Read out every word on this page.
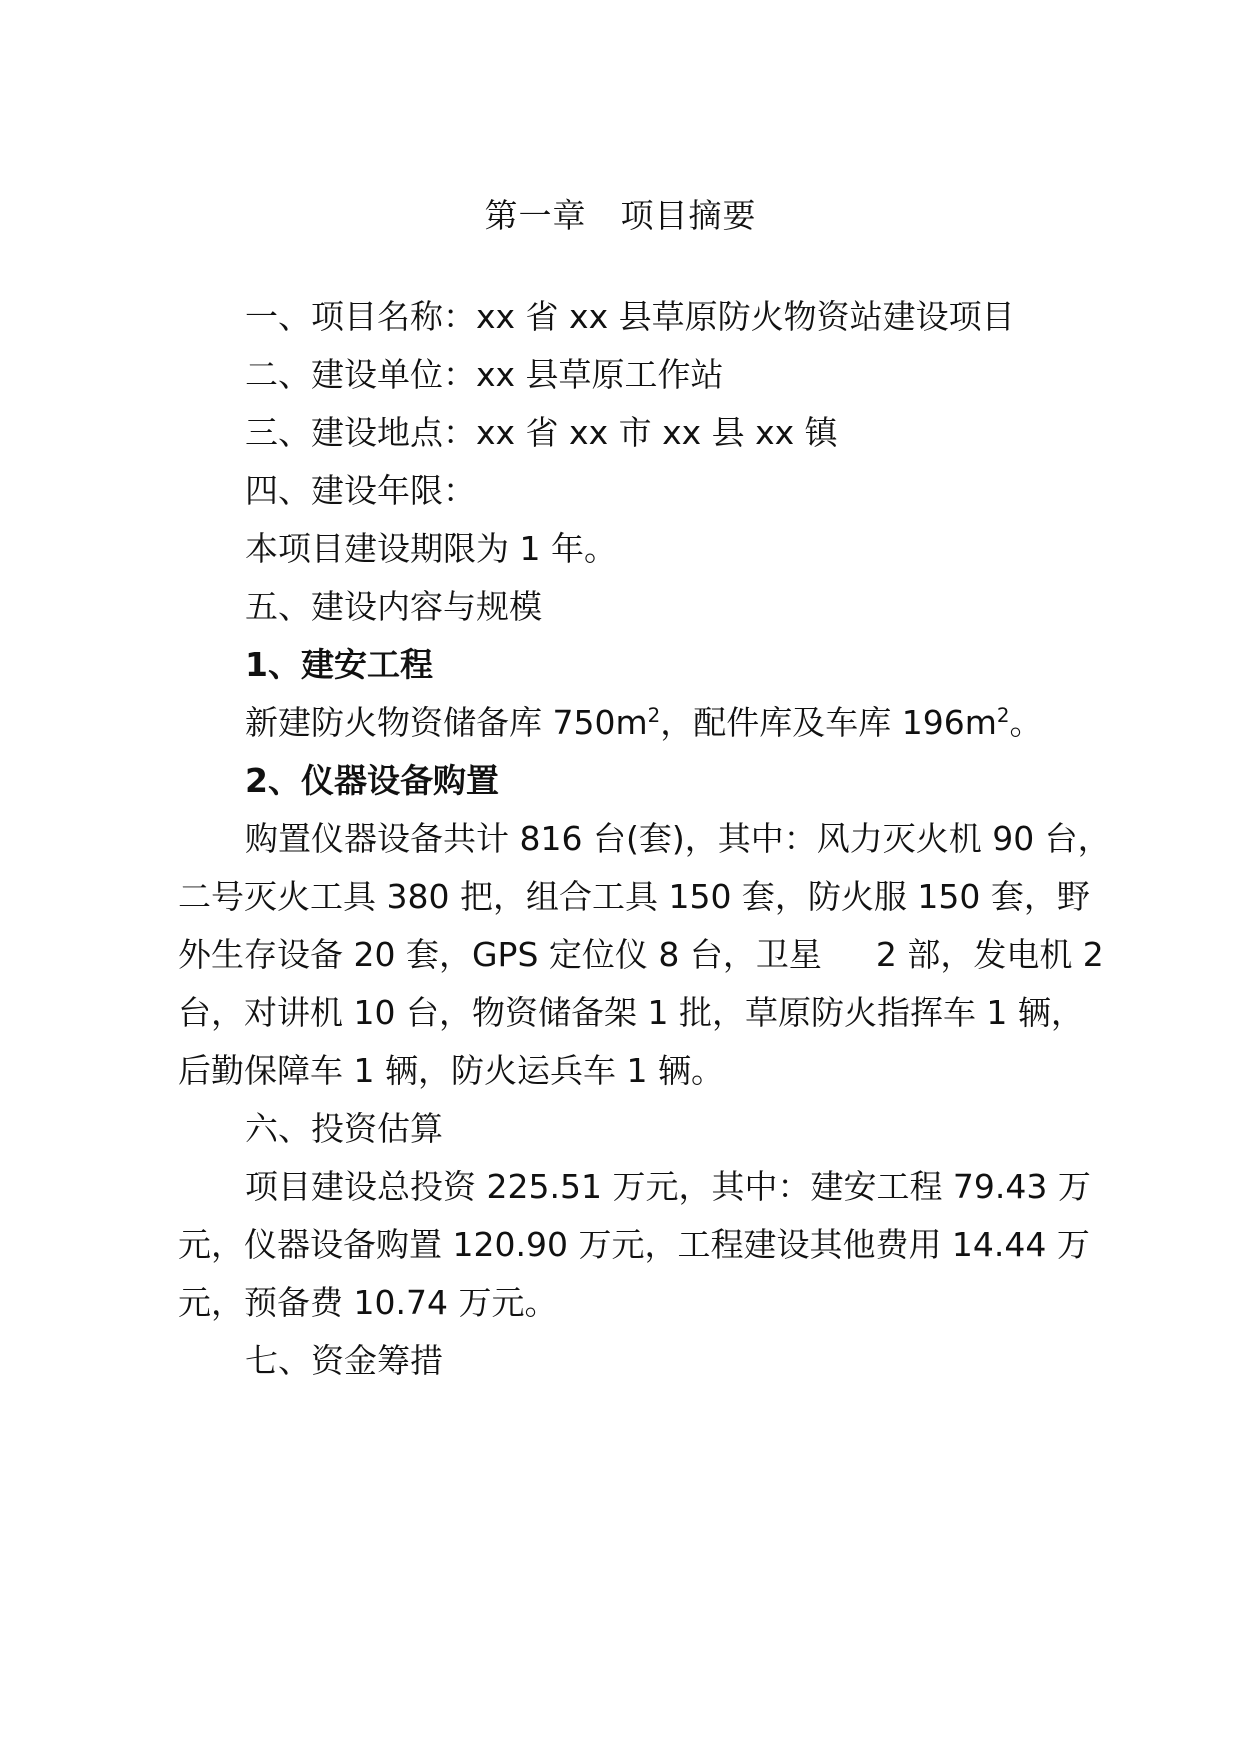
第一章　项目摘要
一、项目名称：xx 省 xx 县草原防火物资站建设项目
二、建设单位：xx 县草原工作站
三、建设地点：xx 省 xx 市 xx 县 xx 镇
四、建设年限：
本项目建设期限为 1 年。
五、建设内容与规模
1、建安工程
新建防火物资储备库 $750m^2$，配件库及车库 $196m^2$。
2、仪器设备购置
购置仪器设备共计 816 台(套)，其中：风力灭火机 90 台，
二号灭火工具 380 把，组合工具 150 套，防火服 150 套，野
外生存设备 20 套，GPS 定位仪 8 台，卫星　  2 部，发电机 2
台，对讲机 10 台，物资储备架 1 批，草原防火指挥车 1 辆，
后勤保障车 1 辆，防火运兵车 1 辆。
六、投资估算
项目建设总投资 225.51 万元，其中：建安工程 79.43 万
元，仪器设备购置 120.90 万元，工程建设其他费用 14.44 万
元，预备费 10.74 万元。
七、资金筹措
